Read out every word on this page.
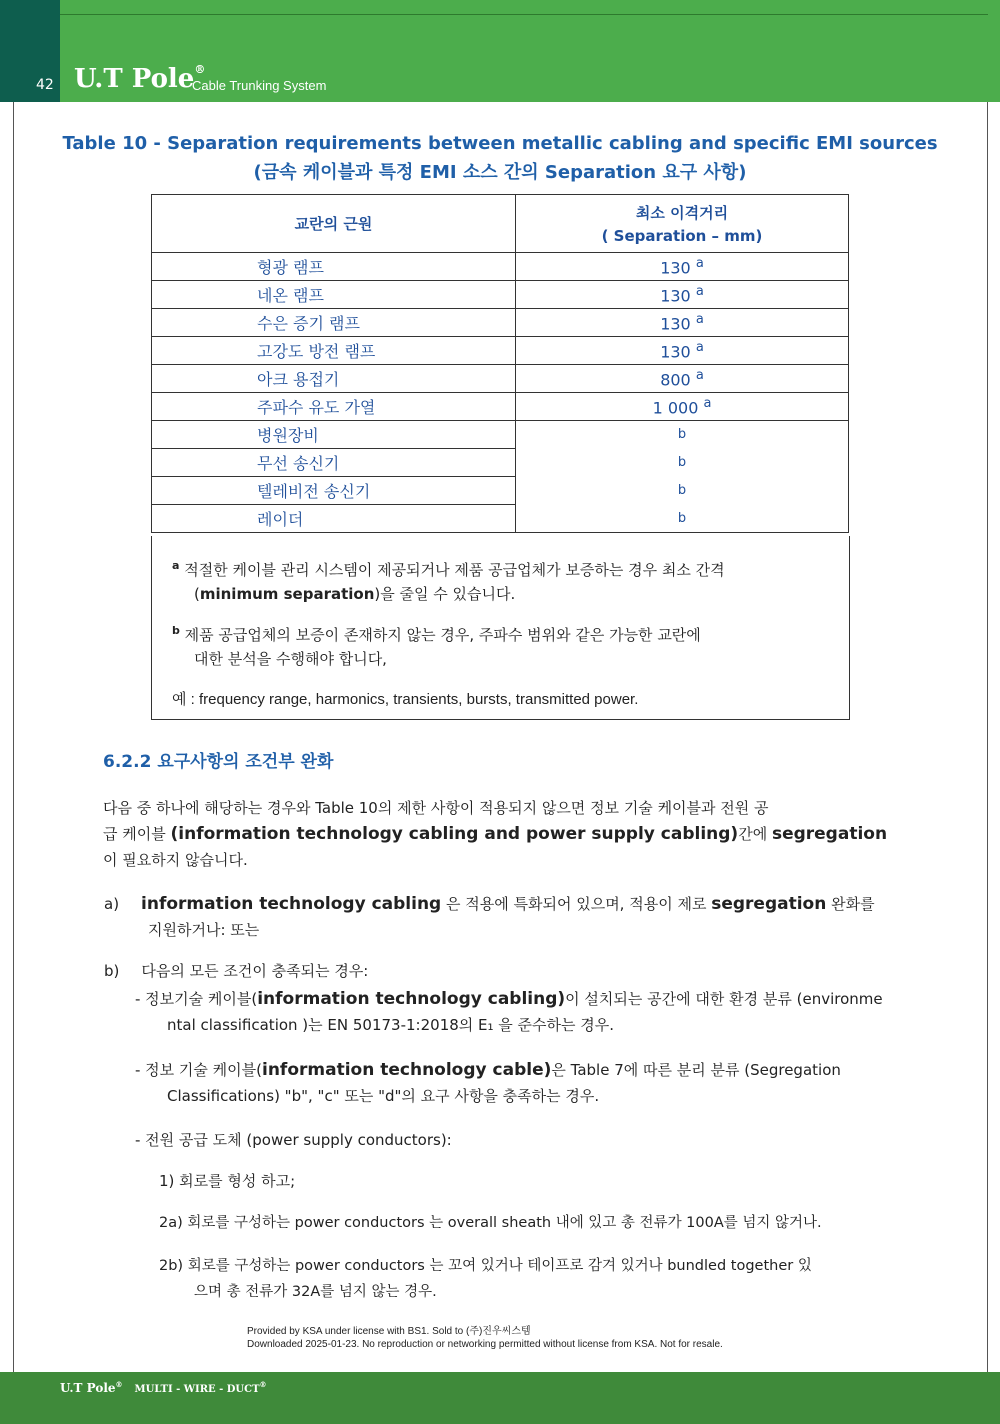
42 U.T Pole®
Cable Trunking System
Table 10 - Separation requirements between metallic cabling and specific EMI sources
(금속 케이블과 특정 EMI 소스 간의 Separation 요구 사항)
교란의 근원	최소 이격거리
( Separation – mm)

형광 램프	130 $^a$
네온 램프	130 $^a$
수은 증기 램프	130 $^a$
고강도 방전 램프	130 $^a$
아크 용접기	800 $^a$
주파수 유도 가열	1 000 $^a$
병원장비	b
무선 송신기	b
텔레비전 송신기	b
레이더	b
$^a$ 적절한 케이블 관리 시스템이 제공되거나 제품 공급업체가 보증하는 경우 최소 간격
(minimum separation)을 줄일 수 있습니다.
$^b$ 제품 공급업체의 보증이 존재하지 않는 경우, 주파수 범위와 같은 가능한 교란에
대한 분석을 수행해야 합니다,
예 : frequency range, harmonics, transients, bursts, transmitted power.
6.2.2 요구사항의 조건부 완화
다음 중 하나에 해당하는 경우와 Table 10의 제한 사항이 적용되지 않으면 정보 기술 케이블과 전원 공
급 케이블 (information technology cabling and power supply cabling)간에 segregation
이 필요하지 않습니다.
a) information technology cabling 은 적용에 특화되어 있으며, 적용이 제로 segregation 완화를
지원하거나: 또는
b) 다음의 모든 조건이 충족되는 경우:
- 정보기술 케이블(information technology cabling)이 설치되는 공간에 대한 환경 분류 (environme
ntal classification )는 EN 50173-1:2018의 E₁ 을 준수하는 경우.
- 정보 기술 케이블(information technology cable)은 Table 7에 따른 분리 분류 (Segregation
Classifications) "b", "c" 또는 "d"의 요구 사항을 충족하는 경우.
- 전원 공급 도체 (power supply conductors):
1) 회로를 형성 하고;
2a) 회로를 구성하는 power conductors 는 overall sheath 내에 있고 총 전류가 100A를 넘지 않거나.
2b) 회로를 구성하는 power conductors 는 꼬여 있거나 테이프로 감겨 있거나 bundled together 있
으며 총 전류가 32A를 넘지 않는 경우.
Provided by KSA under license with BS1. Sold to (주)진우씨스템
Downloaded 2025-01-23. No reproduction or networking permitted without license from KSA. Not for resale.
U.T Pole® MULTI - WIRE - DUCT®
